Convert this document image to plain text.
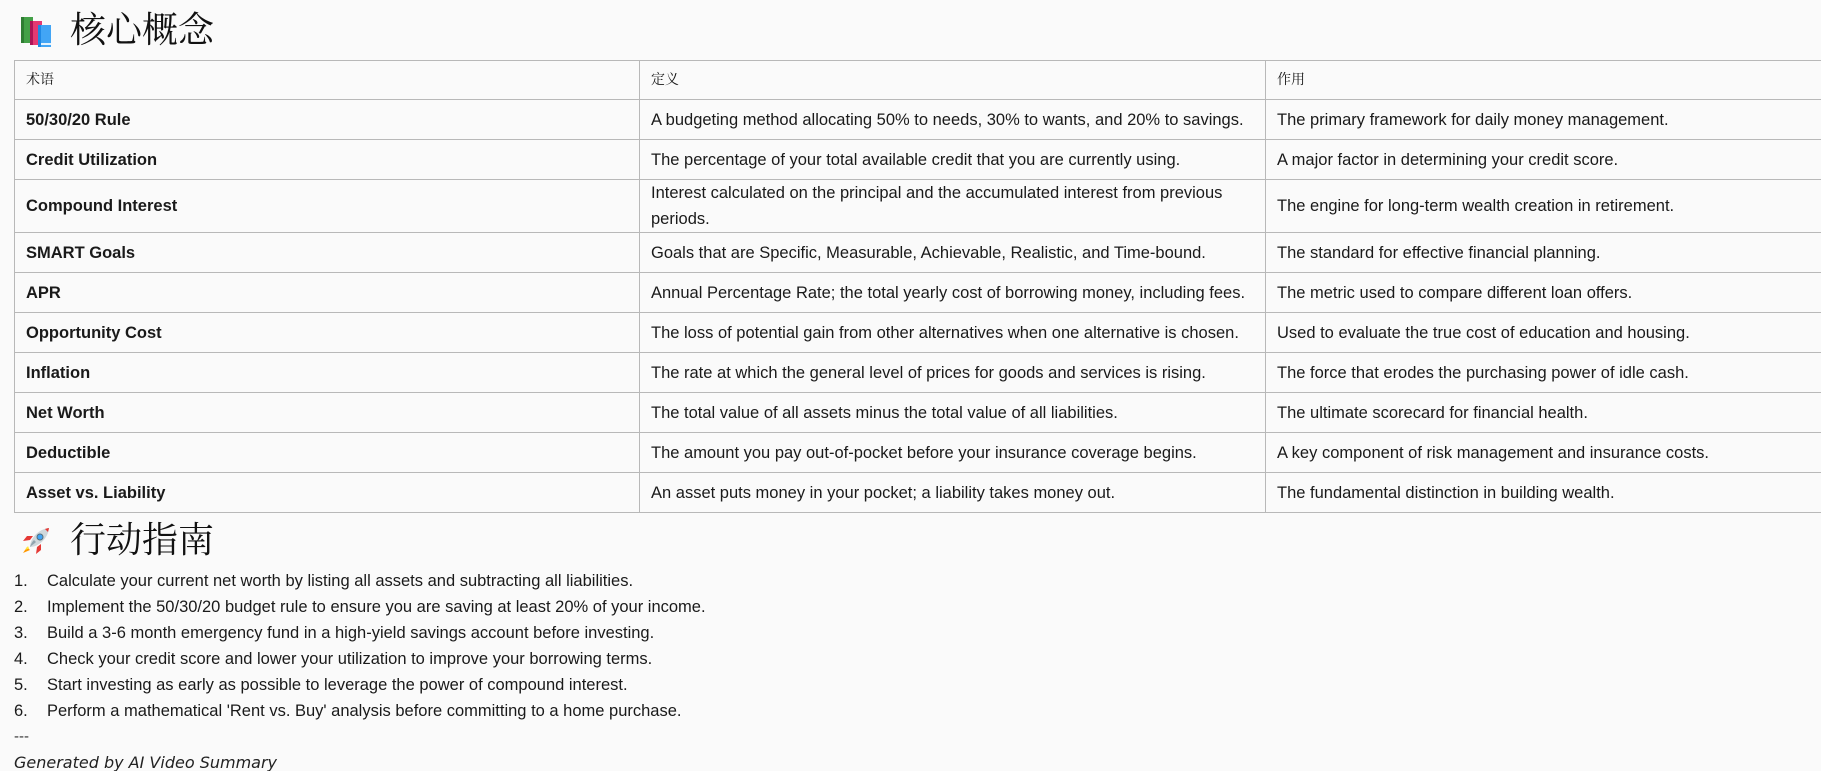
核心概念
术语	定义	作用
50/30/20 Rule	A budgeting method allocating 50% to needs, 30% to wants, and 20% to savings.	The primary framework for daily money management.
Credit Utilization	The percentage of your total available credit that you are currently using.	A major factor in determining your credit score.
Compound Interest	Interest calculated on the principal and the accumulated interest from previous periods.	The engine for long-term wealth creation in retirement.
SMART Goals	Goals that are Specific, Measurable, Achievable, Realistic, and Time-bound.	The standard for effective financial planning.
APR	Annual Percentage Rate; the total yearly cost of borrowing money, including fees.	The metric used to compare different loan offers.
Opportunity Cost	The loss of potential gain from other alternatives when one alternative is chosen.	Used to evaluate the true cost of education and housing.
Inflation	The rate at which the general level of prices for goods and services is rising.	The force that erodes the purchasing power of idle cash.
Net Worth	The total value of all assets minus the total value of all liabilities.	The ultimate scorecard for financial health.
Deductible	The amount you pay out-of-pocket before your insurance coverage begins.	A key component of risk management and insurance costs.
Asset vs. Liability	An asset puts money in your pocket; a liability takes money out.	The fundamental distinction in building wealth.
行动指南
1.	Calculate your current net worth by listing all assets and subtracting all liabilities.
2.	Implement the 50/30/20 budget rule to ensure you are saving at least 20% of your income.
3.	Build a 3-6 month emergency fund in a high-yield savings account before investing.
4.	Check your credit score and lower your utilization to improve your borrowing terms.
5.	Start investing as early as possible to leverage the power of compound interest.
6.	Perform a mathematical 'Rent vs. Buy' analysis before committing to a home purchase.
---
Generated by AI Video Summary
